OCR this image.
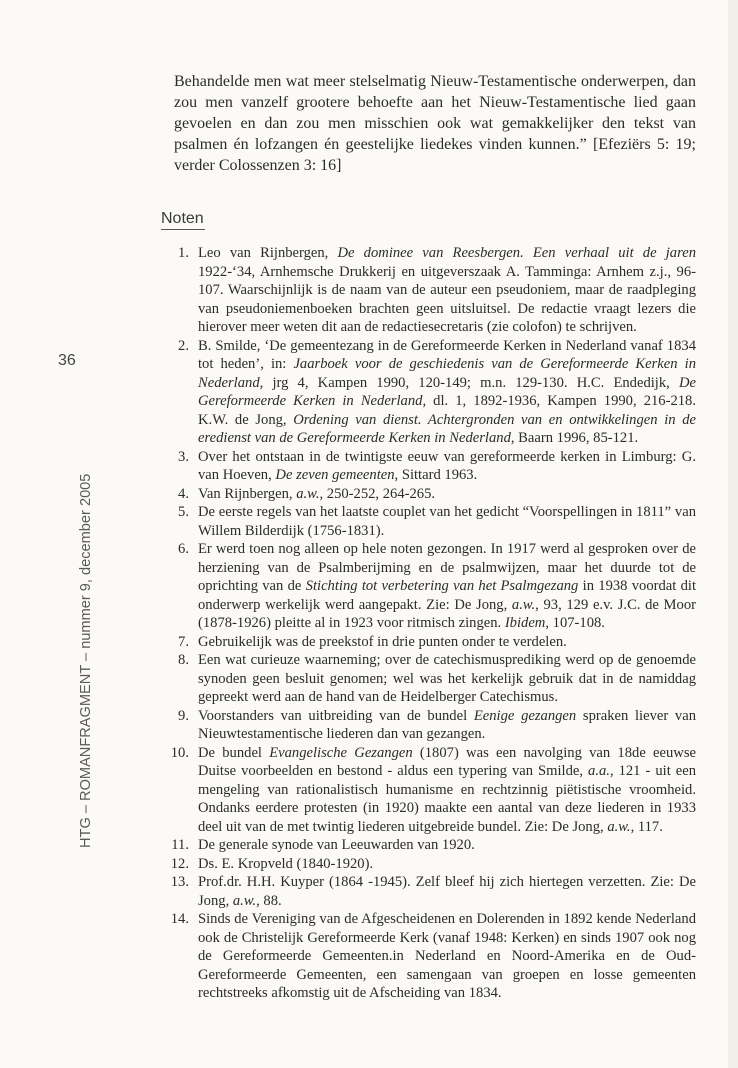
Behandelde men wat meer stelselmatig Nieuw-Testamentische onderwerpen, dan zou men vanzelf grootere behoefte aan het Nieuw-Testamentische lied gaan gevoelen en dan zou men misschien ook wat gemakkelijker den tekst van psalmen én lofzangen én geestelijke liedekes vinden kunnen.” [Efeziërs 5: 19; verder Colossenzen 3: 16]

Noten
36
HTG – ROMANFRAGMENT – nummer 9, december 2005
1. Leo van Rijnbergen, De dominee van Reesbergen. Een verhaal uit de jaren 1922-‘34, Arnhemsche Drukkerij en uitgeverszaak A. Tamminga: Arnhem z.j., 96-107. Waarschijnlijk is de naam van de auteur een pseudoniem, maar de raadpleging van pseudoniemenboeken brachten geen uitsluitsel. De redactie vraagt lezers die hierover meer weten dit aan de redactiesecretaris (zie colofon) te schrijven.
2. B. Smilde, ‘De gemeentezang in de Gereformeerde Kerken in Nederland vanaf 1834 tot heden’, in: Jaarboek voor de geschiedenis van de Gereformeerde Kerken in Nederland, jrg 4, Kampen 1990, 120-149; m.n. 129-130. H.C. Endedijk, De Gereformeerde Kerken in Nederland, dl. 1, 1892-1936, Kampen 1990, 216-218. K.W. de Jong, Ordening van dienst. Achtergronden van en ontwikkelingen in de eredienst van de Gereformeerde Kerken in Nederland, Baarn 1996, 85-121.
3. Over het ontstaan in de twintigste eeuw van gereformeerde kerken in Limburg: G. van Hoeven, De zeven gemeenten, Sittard 1963.
4. Van Rijnbergen, a.w., 250-252, 264-265.
5. De eerste regels van het laatste couplet van het gedicht “Voorspellingen in 1811” van Willem Bilderdijk (1756-1831).
6. Er werd toen nog alleen op hele noten gezongen. In 1917 werd al gesproken over de herziening van de Psalmberijming en de psalmwijzen, maar het duurde tot de oprichting van de Stichting tot verbetering van het Psalmgezang in 1938 voordat dit onderwerp werkelijk werd aangepakt. Zie: De Jong, a.w., 93, 129 e.v. J.C. de Moor (1878-1926) pleitte al in 1923 voor ritmisch zingen. Ibidem, 107-108.
7. Gebruikelijk was de preekstof in drie punten onder te verdelen.
8. Een wat curieuze waarneming; over de catechismusprediking werd op de genoemde synoden geen besluit genomen; wel was het kerkelijk gebruik dat in de namiddag gepreekt werd aan de hand van de Heidelberger Catechismus.
9. Voorstanders van uitbreiding van de bundel Eenige gezangen spraken liever van Nieuwtestamentische liederen dan van gezangen.
10. De bundel Evangelische Gezangen (1807) was een navolging van 18de eeuwse Duitse voorbeelden en bestond - aldus een typering van Smilde, a.a., 121 - uit een mengeling van rationalistisch humanisme en rechtzinnig piëtistische vroomheid. Ondanks eerdere protesten (in 1920) maakte een aantal van deze liederen in 1933 deel uit van de met twintig liederen uitgebreide bundel. Zie: De Jong, a.w., 117.
11. De generale synode van Leeuwarden van 1920.
12. Ds. E. Kropveld (1840-1920).
13. Prof.dr. H.H. Kuyper (1864 -1945). Zelf bleef hij zich hiertegen verzetten. Zie: De Jong, a.w., 88.
14. Sinds de Vereniging van de Afgescheidenen en Dolerenden in 1892 kende Nederland ook de Christelijk Gereformeerde Kerk (vanaf 1948: Kerken) en sinds 1907 ook nog de Gereformeerde Gemeenten.in Nederland en Noord-Amerika en de Oud-Gereformeerde Gemeenten, een samengaan van groepen en losse gemeenten rechtstreeks afkomstig uit de Afscheiding van 1834.
